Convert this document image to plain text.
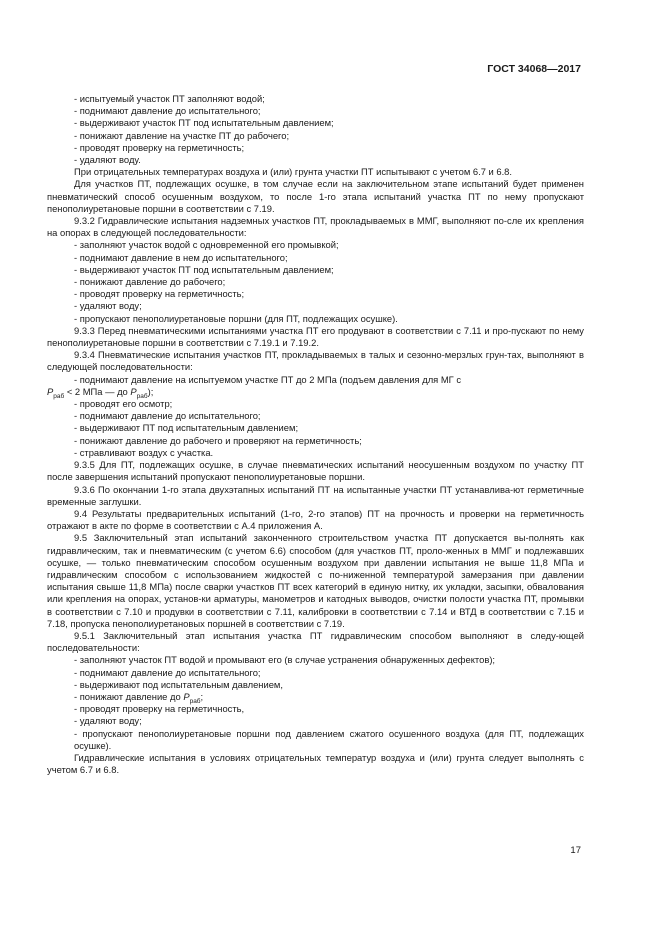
ГОСТ 34068—2017

- испытуемый участок ПТ заполняют водой;

- поднимают давление до испытательного;

- выдерживают участок ПТ под испытательным давлением;

- понижают давление на участке ПТ до рабочего;

- проводят проверку на герметичность;

- удаляют воду.

При отрицательных температурах воздуха и (или) грунта участки ПТ испытывают с учетом 6.7 и 6.8.

Для участков ПТ, подлежащих осушке, в том случае если на заключительном этапе испытаний будет применен пневматический способ осушенным воздухом, то после 1-го этапа испытаний участка ПТ по нему пропускают пенополиуретановые поршни в соответствии с 7.19.

9.3.2 Гидравлические испытания надземных участков ПТ, прокладываемых в ММГ, выполняют по-сле их крепления на опорах в следующей последовательности:

- заполняют участок водой с одновременной его промывкой;

- поднимают давление в нем до испытательного;

- выдерживают участок ПТ под испытательным давлением;

- понижают давление до рабочего;

- проводят проверку на герметичность;

- удаляют воду;

- пропускают пенополиуретановые поршни (для ПТ, подлежащих осушке).

9.3.3 Перед пневматическими испытаниями участка ПТ его продувают в соответствии с 7.11 и про-пускают по нему пенополиуретановые поршни в соответствии с 7.19.1 и 7.19.2.

9.3.4 Пневматические испытания участков ПТ, прокладываемых в талых и сезонно-мерзлых грун-тах, выполняют в следующей последовательности:

- поднимают давление на испытуемом участке ПТ до 2 МПа (подъем давления для МГ с

$P_{раб} < 2$ МПа — до $P_{раб}$);

- проводят его осмотр;

- поднимают давление до испытательного;

- выдерживают ПТ под испытательным давлением;

- понижают давление до рабочего и проверяют на герметичность;

- стравливают воздух с участка.

9.3.5 Для ПТ, подлежащих осушке, в случае пневматических испытаний неосушенным воздухом по участку ПТ после завершения испытаний пропускают пенополиуретановые поршни.

9.3.6 По окончании 1-го этапа двухэтапных испытаний ПТ на испытанные участки ПТ устанавлива-ют герметичные временные заглушки.

9.4 Результаты предварительных испытаний (1-го, 2-го этапов) ПТ на прочность и проверки на герметичность отражают в акте по форме в соответствии с А.4 приложения А.

9.5 Заключительный этап испытаний законченного строительством участка ПТ допускается вы-полнять как гидравлическим, так и пневматическим (с учетом 6.6) способом (для участков ПТ, проло-женных в ММГ и подлежавших осушке, — только пневматическим способом осушенным воздухом при давлении испытания не выше 11,8 МПа и гидравлическим способом с использованием жидкостей с по-ниженной температурой замерзания при давлении испытания свыше 11,8 МПа) после сварки участков ПТ всех категорий в единую нитку, их укладки, засыпки, обвалования или крепления на опорах, установ-ки арматуры, манометров и катодных выводов, очистки полости участка ПТ, промывки в соответствии с 7.10 и продувки в соответствии с 7.11, калибровки в соответствии с 7.14 и ВТД в соответствии с 7.15 и 7.18, пропуска пенополиуретановых поршней в соответствии с 7.19.

9.5.1 Заключительный этап испытания участка ПТ гидравлическим способом выполняют в следу-ющей последовательности:

- заполняют участок ПТ водой и промывают его (в случае устранения обнаруженных дефектов);

- поднимают давление до испытательного;

- выдерживают под испытательным давлением,

- понижают давление до $P_{раб}$;

- проводят проверку на герметичность,

- удаляют воду;

- пропускают пенополиуретановые поршни под давлением сжатого осушенного воздуха (для ПТ, подлежащих осушке).

Гидравлические испытания в условиях отрицательных температур воздуха и (или) грунта следует выполнять с учетом 6.7 и 6.8.

17
